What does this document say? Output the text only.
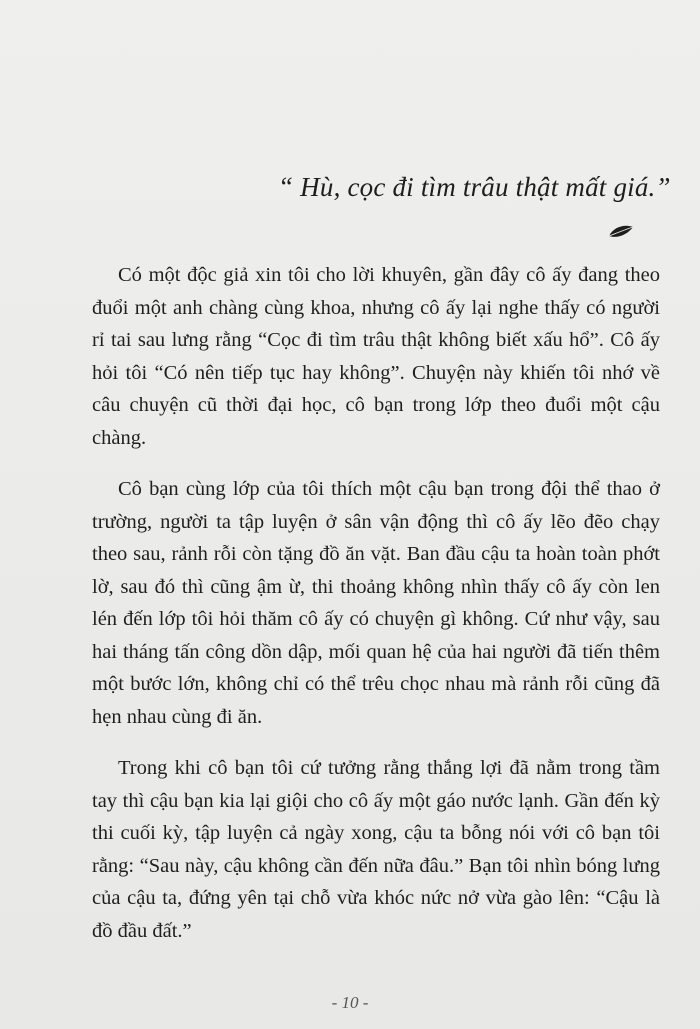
“ Hù, cọc đi tìm trâu thật mất giá.”

Có một độc giả xin tôi cho lời khuyên, gần đây cô ấy đang theo đuổi một anh chàng cùng khoa, nhưng cô ấy lại nghe thấy có người rỉ tai sau lưng rằng “Cọc đi tìm trâu thật không biết xấu hổ”. Cô ấy hỏi tôi “Có nên tiếp tục hay không”. Chuyện này khiến tôi nhớ về câu chuyện cũ thời đại học, cô bạn trong lớp theo đuổi một cậu chàng.

Cô bạn cùng lớp của tôi thích một cậu bạn trong đội thể thao ở trường, người ta tập luyện ở sân vận động thì cô ấy lẽo đẽo chạy theo sau, rảnh rỗi còn tặng đồ ăn vặt. Ban đầu cậu ta hoàn toàn phớt lờ, sau đó thì cũng ậm ừ, thi thoảng không nhìn thấy cô ấy còn len lén đến lớp tôi hỏi thăm cô ấy có chuyện gì không. Cứ như vậy, sau hai tháng tấn công dồn dập, mối quan hệ của hai người đã tiến thêm một bước lớn, không chỉ có thể trêu chọc nhau mà rảnh rỗi cũng đã hẹn nhau cùng đi ăn.

Trong khi cô bạn tôi cứ tưởng rằng thắng lợi đã nằm trong tầm tay thì cậu bạn kia lại giội cho cô ấy một gáo nước lạnh. Gần đến kỳ thi cuối kỳ, tập luyện cả ngày xong, cậu ta bỗng nói với cô bạn tôi rằng: “Sau này, cậu không cần đến nữa đâu.” Bạn tôi nhìn bóng lưng của cậu ta, đứng yên tại chỗ vừa khóc nức nở vừa gào lên: “Cậu là đồ đầu đất.”

- 10 -
